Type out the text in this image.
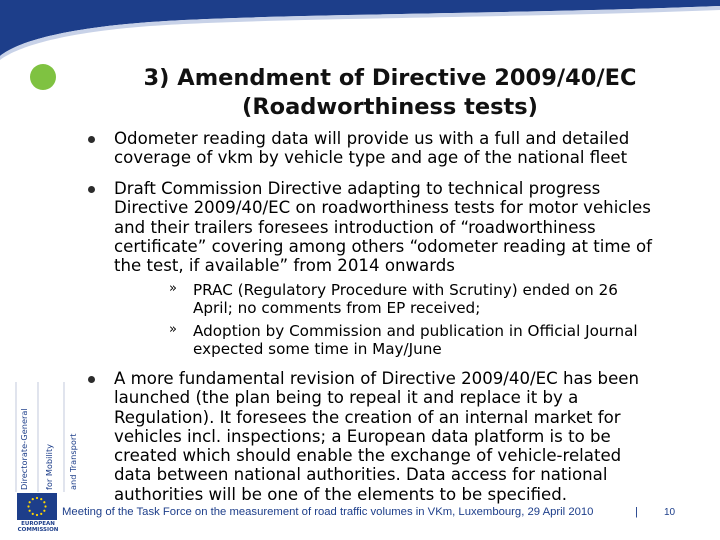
3) Amendment of Directive 2009/40/EC
(Roadworthiness tests)
Odometer reading data will provide us with a full and detailed
coverage of vkm by vehicle type and age of the national fleet
Draft Commission Directive adapting to technical progress
Directive 2009/40/EC on roadworthiness tests for motor vehicles
and their trailers foresees introduction of “roadworthiness
certificate” covering among others “odometer reading at time of
the test, if available” from 2014 onwards
» PRAC (Regulatory Procedure with Scrutiny) ended on 26
April; no comments from EP received;
» Adoption by Commission and publication in Official Journal
expected some time in May/June
A more fundamental revision of Directive 2009/40/EC has been
launched (the plan being to repeal it and replace it by a
Regulation). It foresees the creation of an internal market for
vehicles incl. inspections; a European data platform is to be
created which should enable the exchange of vehicle-related
data between national authorities. Data access for national
authorities will be one of the elements to be specified.
Directorate-General for Mobility and Transport
EUROPEAN
COMMISSION
Meeting of the Task Force on the measurement of road traffic volumes in VKm, Luxembourg, 29 April 2010	|	10
